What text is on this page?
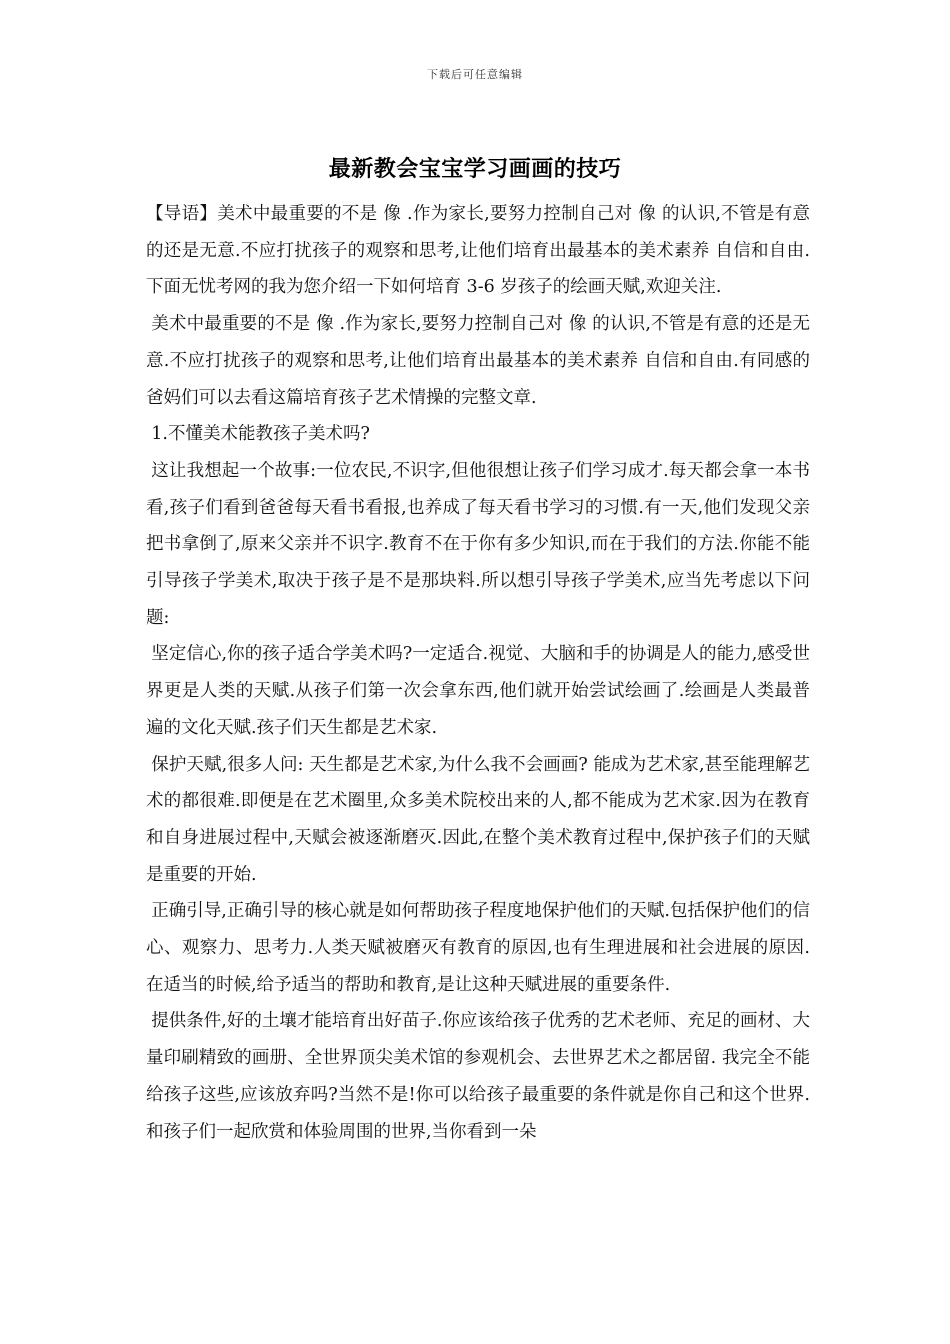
下载后可任意编辑
最新教会宝宝学习画画的技巧

【导语】美术中最重要的不是 像 .作为家长,要努力控制自己对 像 的认识,不管是有意的还是无意.不应打扰孩子的观察和思考,让他们培育出最基本的美术素养 自信和自由.下面无忧考网的我为您介绍一下如何培育 3-6 岁孩子的绘画天赋,欢迎关注.

美术中最重要的不是 像 .作为家长,要努力控制自己对 像 的认识,不管是有意的还是无意.不应打扰孩子的观察和思考,让他们培育出最基本的美术素养 自信和自由.有同感的爸妈们可以去看这篇培育孩子艺术情操的完整文章.

1.不懂美术能教孩子美术吗?

这让我想起一个故事:一位农民,不识字,但他很想让孩子们学习成才.每天都会拿一本书看,孩子们看到爸爸每天看书看报,也养成了每天看书学习的习惯.有一天,他们发现父亲把书拿倒了,原来父亲并不识字.教育不在于你有多少知识,而在于我们的方法.你能不能引导孩子学美术,取决于孩子是不是那块料.所以想引导孩子学美术,应当先考虑以下问题:

坚定信心,你的孩子适合学美术吗?一定适合.视觉、大脑和手的协调是人的能力,感受世界更是人类的天赋.从孩子们第一次会拿东西,他们就开始尝试绘画了.绘画是人类最普遍的文化天赋.孩子们天生都是艺术家.

保护天赋,很多人问: 天生都是艺术家,为什么我不会画画? 能成为艺术家,甚至能理解艺术的都很难.即便是在艺术圈里,众多美术院校出来的人,都不能成为艺术家.因为在教育和自身进展过程中,天赋会被逐渐磨灭.因此,在整个美术教育过程中,保护孩子们的天赋是重要的开始.

正确引导,正确引导的核心就是如何帮助孩子程度地保护他们的天赋.包括保护他们的信心、观察力、思考力.人类天赋被磨灭有教育的原因,也有生理进展和社会进展的原因.在适当的时候,给予适当的帮助和教育,是让这种天赋进展的重要条件.

提供条件,好的土壤才能培育出好苗子.你应该给孩子优秀的艺术老师、充足的画材、大量印刷精致的画册、全世界顶尖美术馆的参观机会、去世界艺术之都居留. 我完全不能给孩子这些,应该放弃吗?当然不是!你可以给孩子最重要的条件就是你自己和这个世界.和孩子们一起欣赏和体验周围的世界,当你看到一朵
